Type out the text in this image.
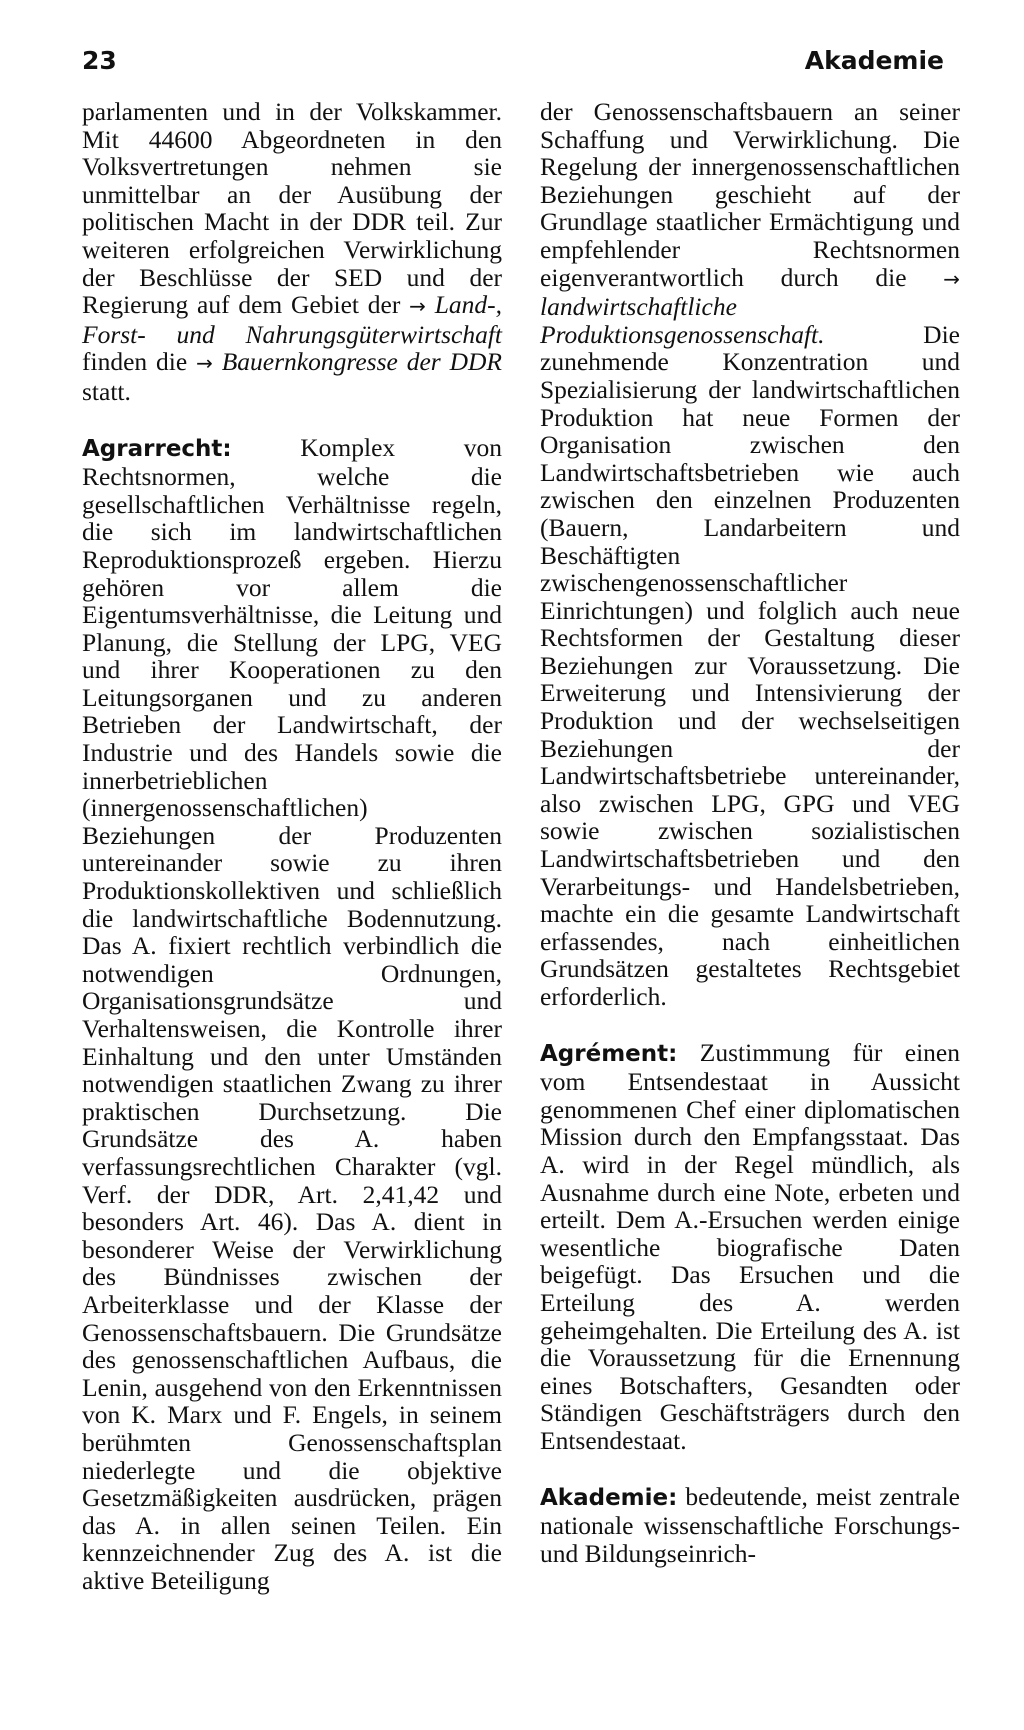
23	Akademie

parlamenten und in der Volkskammer. Mit 44600 Abgeordneten in den Volksvertretungen nehmen sie unmittelbar an der Ausübung der politischen Macht in der DDR teil. Zur weiteren erfolgreichen Verwirklichung der Beschlüsse der SED und der Regierung auf dem Gebiet der → Land-, Forst- und Nahrungsgüterwirtschaft finden die → Bauernkongresse der DDR statt.

Agrarrecht: Komplex von Rechtsnormen, welche die gesellschaftlichen Verhältnisse regeln, die sich im landwirtschaftlichen Reproduktionsprozeß ergeben. Hierzu gehören vor allem die Eigentumsverhältnisse, die Leitung und Planung, die Stellung der LPG, VEG und ihrer Kooperationen zu den Leitungsorganen und zu anderen Betrieben der Landwirtschaft, der Industrie und des Handels sowie die innerbetrieblichen (innergenossenschaftlichen) Beziehungen der Produzenten untereinander sowie zu ihren Produktionskollektiven und schließlich die landwirtschaftliche Bodennutzung. Das A. fixiert rechtlich verbindlich die notwendigen Ordnungen, Organisationsgrundsätze und Verhaltensweisen, die Kontrolle ihrer Einhaltung und den unter Umständen notwendigen staatlichen Zwang zu ihrer praktischen Durchsetzung. Die Grundsätze des A. haben verfassungsrechtlichen Charakter (vgl. Verf. der DDR, Art. 2,41,42 und besonders Art. 46). Das A. dient in besonderer Weise der Verwirklichung des Bündnisses zwischen der Arbeiterklasse und der Klasse der Genossenschaftsbauern. Die Grundsätze des genossenschaftlichen Aufbaus, die Lenin, ausgehend von den Erkenntnissen von K. Marx und F. Engels, in seinem berühmten Genossenschaftsplan niederlegte und die objektive Gesetzmäßigkeiten ausdrücken, prägen das A. in allen seinen Teilen. Ein kennzeichnender Zug des A. ist die aktive Beteiligung

der Genossenschaftsbauern an seiner Schaffung und Verwirklichung. Die Regelung der innergenossenschaftlichen Beziehungen geschieht auf der Grundlage staatlicher Ermächtigung und empfehlender Rechtsnormen eigenverantwortlich durch die → landwirtschaftliche Produktionsgenossenschaft. Die zunehmende Konzentration und Spezialisierung der landwirtschaftlichen Produktion hat neue Formen der Organisation zwischen den Landwirtschaftsbetrieben wie auch zwischen den einzelnen Produzenten (Bauern, Landarbeitern und Beschäftigten zwischengenossenschaftlicher Einrichtungen) und folglich auch neue Rechtsformen der Gestaltung dieser Beziehungen zur Voraussetzung. Die Erweiterung und Intensivierung der Produktion und der wechselseitigen Beziehungen der Landwirtschaftsbetriebe untereinander, also zwischen LPG, GPG und VEG sowie zwischen sozialistischen Landwirtschaftsbetrieben und den Verarbeitungs- und Handelsbetrieben, machte ein die gesamte Landwirtschaft erfassendes, nach einheitlichen Grundsätzen gestaltetes Rechtsgebiet erforderlich.

Agrément: Zustimmung für einen vom Entsendestaat in Aussicht genommenen Chef einer diplomatischen Mission durch den Empfangsstaat. Das A. wird in der Regel mündlich, als Ausnahme durch eine Note, erbeten und erteilt. Dem A.-Ersuchen werden einige wesentliche biografische Daten beigefügt. Das Ersuchen und die Erteilung des A. werden geheimgehalten. Die Erteilung des A. ist die Voraussetzung für die Ernennung eines Botschafters, Gesandten oder Ständigen Geschäftsträgers durch den Entsendestaat.

Akademie: bedeutende, meist zentrale nationale wissenschaftliche Forschungs- und Bildungseinrich-
